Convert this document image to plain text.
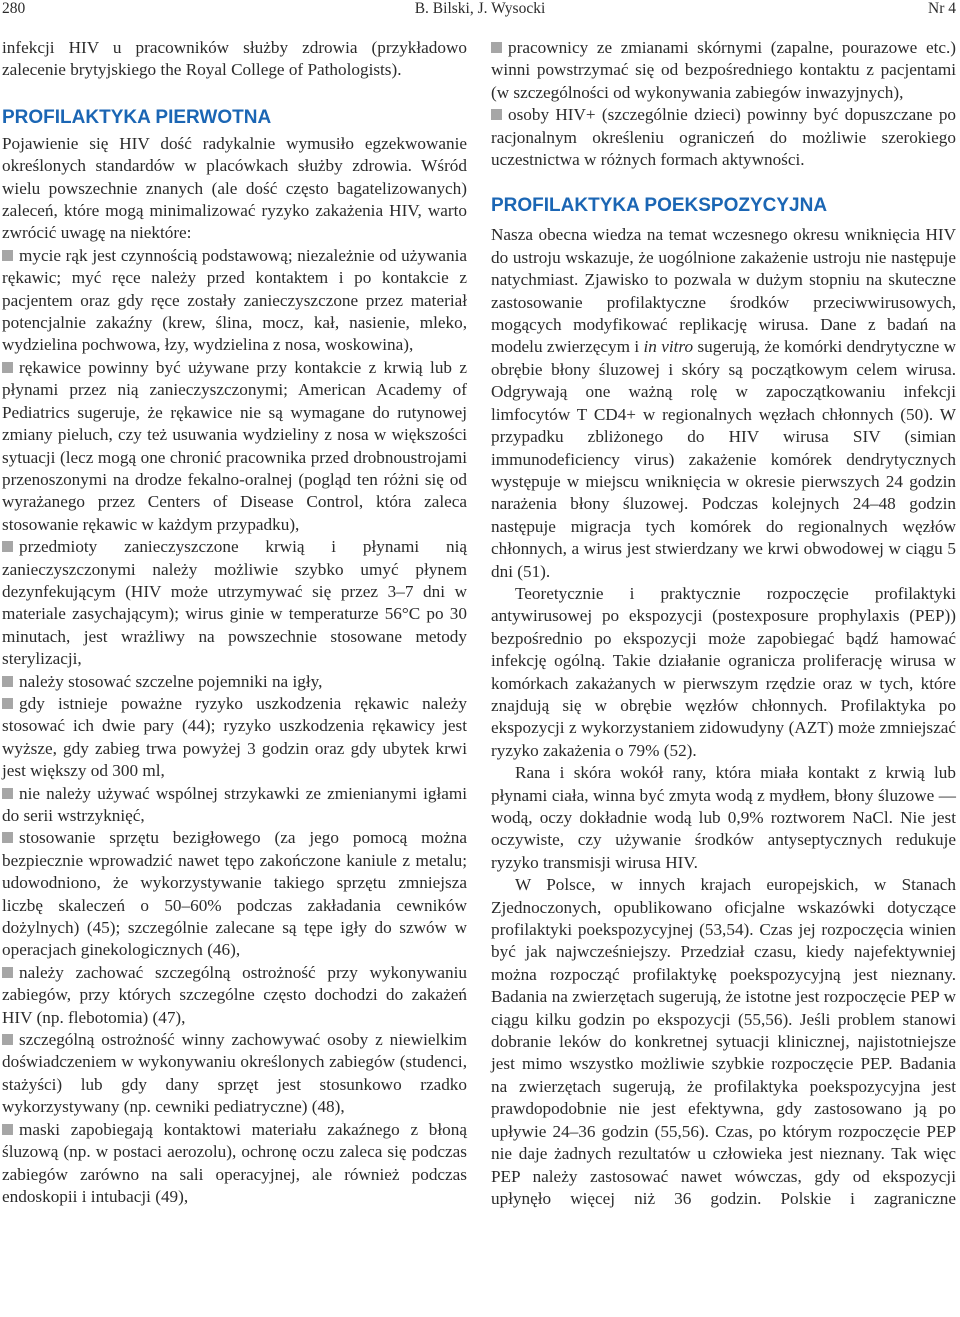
280	B. Bilski, J. Wysocki	Nr 4

infekcji HIV u pracowników służby zdrowia (przykładowo zalecenie brytyjskiego the Royal College of Pathologists).

PROFILAKTYKA PIERWOTNA

Pojawienie się HIV dość radykalnie wymusiło egzekwowanie określonych standardów w placówkach służby zdrowia. Wśród wielu powszechnie znanych (ale dość często bagatelizowanych) zaleceń, które mogą minimalizować ryzyko zakażenia HIV, warto zwrócić uwagę na niektóre:

mycie rąk jest czynnością podstawową; niezależnie od używania rękawic; myć ręce należy przed kontaktem i po kontakcie z pacjentem oraz gdy ręce zostały zanieczyszczone przez materiał potencjalnie zakaźny (krew, ślina, mocz, kał, nasienie, mleko, wydzielina pochwowa, łzy, wydzielina z nosa, woskowina),

rękawice powinny być używane przy kontakcie z krwią lub z płynami przez nią zanieczyszczonymi; American Academy of Pediatrics sugeruje, że rękawice nie są wymagane do rutynowej zmiany pieluch, czy też usuwania wydzieliny z nosa w większości sytuacji (lecz mogą one chronić pracownika przed drobnoustrojami przenoszonymi na drodze fekalno-oralnej (pogląd ten różni się od wyrażanego przez Centers of Disease Control, która zaleca stosowanie rękawic w każdym przypadku),

przedmioty zanieczyszczone krwią i płynami nią zanieczyszczonymi należy możliwie szybko umyć płynem dezynfekującym (HIV może utrzymywać się przez 3–7 dni w materiale zasychającym); wirus ginie w temperaturze 56°C po 30 minutach, jest wrażliwy na powszechnie stosowane metody sterylizacji,

należy stosować szczelne pojemniki na igły,

gdy istnieje poważne ryzyko uszkodzenia rękawic należy stosować ich dwie pary (44); ryzyko uszkodzenia rękawicy jest wyższe, gdy zabieg trwa powyżej 3 godzin oraz gdy ubytek krwi jest większy od 300 ml,

nie należy używać wspólnej strzykawki ze zmienianymi igłami do serii wstrzyknięć,

stosowanie sprzętu bezigłowego (za jego pomocą można bezpiecznie wprowadzić nawet tępo zakończone kaniule z metalu; udowodniono, że wykorzystywanie takiego sprzętu zmniejsza liczbę skaleczeń o 50–60% podczas zakładania cewników dożylnych) (45); szczególnie zalecane są tępe igły do szwów w operacjach ginekologicznych (46),

należy zachować szczególną ostrożność przy wykonywaniu zabiegów, przy których szczególne często dochodzi do zakażeń HIV (np. flebotomia) (47),

szczególną ostrożność winny zachowywać osoby z niewielkim doświadczeniem w wykonywaniu określonych zabiegów (studenci, stażyści) lub gdy dany sprzęt jest stosunkowo rzadko wykorzystywany (np. cewniki pediatryczne) (48),

maski zapobiegają kontaktowi materiału zakaźnego z błoną śluzową (np. w postaci aerozolu), ochronę oczu zaleca się podczas zabiegów zarówno na sali operacyjnej, ale również podczas endoskopii i intubacji (49),

pracownicy ze zmianami skórnymi (zapalne, pourazowe etc.) winni powstrzymać się od bezpośredniego kontaktu z pacjentami (w szczególności od wykonywania zabiegów inwazyjnych),

osoby HIV+ (szczególnie dzieci) powinny być dopuszczane po racjonalnym określeniu ograniczeń do możliwie szerokiego uczestnictwa w różnych formach aktywności.

PROFILAKTYKA POEKSPOZYCYJNA

Nasza obecna wiedza na temat wczesnego okresu wniknięcia HIV do ustroju wskazuje, że uogólnione zakażenie ustroju nie następuje natychmiast. Zjawisko to pozwala w dużym stopniu na skuteczne zastosowanie profilaktyczne środków przeciwwirusowych, mogących modyfikować replikację wirusa. Dane z badań na modelu zwierzęcym i in vitro sugerują, że komórki dendrytyczne w obrębie błony śluzowej i skóry są początkowym celem wirusa. Odgrywają one ważną rolę w zapoczątkowaniu infekcji limfocytów T CD4+ w regionalnych węzłach chłonnych (50). W przypadku zbliżonego do HIV wirusa SIV (simian immunodeficiency virus) zakażenie komórek dendrytycznych występuje w miejscu wniknięcia w okresie pierwszych 24 godzin narażenia błony śluzowej. Podczas kolejnych 24–48 godzin następuje migracja tych komórek do regionalnych węzłów chłonnych, a wirus jest stwierdzany we krwi obwodowej w ciągu 5 dni (51).

Teoretycznie i praktycznie rozpoczęcie profilaktyki antywirusowej po ekspozycji (postexposure prophylaxis (PEP)) bezpośrednio po ekspozycji może zapobiegać bądź hamować infekcję ogólną. Takie działanie ogranicza proliferację wirusa w komórkach zakażanych w pierwszym rzędzie oraz w tych, które znajdują się w obrębie węzłów chłonnych. Profilaktyka po ekspozycji z wykorzystaniem zidowudyny (AZT) może zmniejszać ryzyko zakażenia o 79% (52).

Rana i skóra wokół rany, która miała kontakt z krwią lub płynami ciała, winna być zmyta wodą z mydłem, błony śluzowe — wodą, oczy dokładnie wodą lub 0,9% roztworem NaCl. Nie jest oczywiste, czy używanie środków antyseptycznych redukuje ryzyko transmisji wirusa HIV.

W Polsce, w innych krajach europejskich, w Stanach Zjednoczonych, opublikowano oficjalne wskazówki dotyczące profilaktyki poekspozycyjnej (53,54). Czas jej rozpoczęcia winien być jak najwcześniejszy. Przedział czasu, kiedy najefektywniej można rozpocząć profilaktykę poekspozycyjną jest nieznany. Badania na zwierzętach sugerują, że istotne jest rozpoczęcie PEP w ciągu kilku godzin po ekspozycji (55,56). Jeśli problem stanowi dobranie leków do konkretnej sytuacji klinicznej, najistotniejsze jest mimo wszystko możliwie szybkie rozpoczęcie PEP. Badania na zwierzętach sugerują, że profilaktyka poekspozycyjna jest prawdopodobnie nie jest efektywna, gdy zastosowano ją po upływie 24–36 godzin (55,56). Czas, po którym rozpoczęcie PEP nie daje żadnych rezultatów u człowieka jest nieznany. Tak więc PEP należy zastosować nawet wówczas, gdy od ekspozycji upłynęło więcej niż 36 godzin. Polskie i zagraniczne
